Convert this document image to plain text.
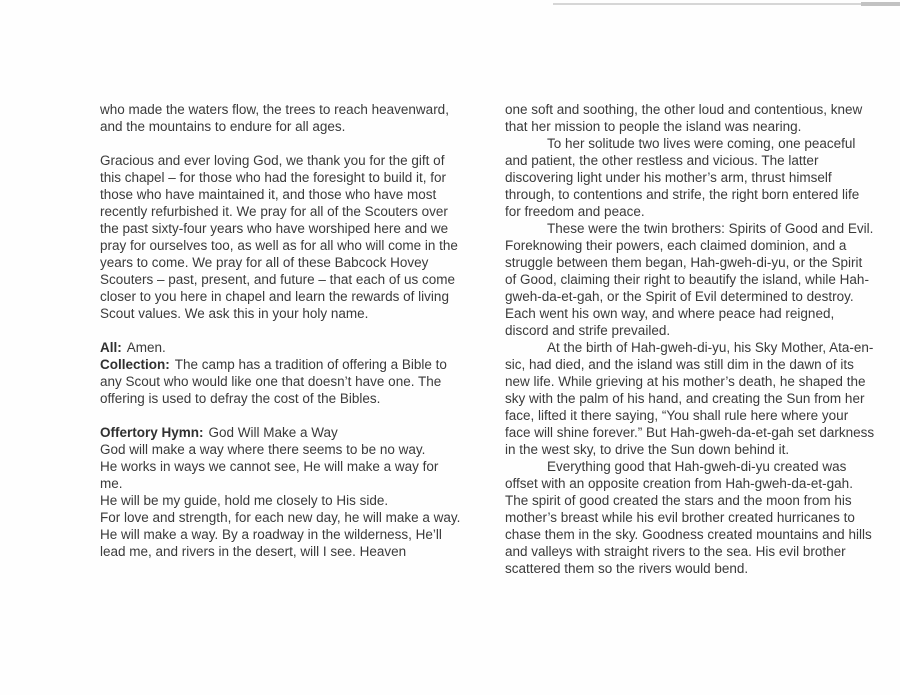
who made the waters flow, the trees to reach heavenward, and the mountains to endure for all ages.

Gracious and ever loving God, we thank you for the gift of this chapel – for those who had the foresight to build it, for those who have maintained it, and those who have most recently refurbished it. We pray for all of the Scouters over the past sixty-four years who have worshiped here and we pray for ourselves too, as well as for all who will come in the years to come. We pray for all of these Babcock Hovey Scouters – past, present, and future – that each of us come closer to you here in chapel and learn the rewards of living Scout values. We ask this in your holy name.

All: Amen.

Collection: The camp has a tradition of offering a Bible to any Scout who would like one that doesn’t have one. The offering is used to defray the cost of the Bibles.

Offertory Hymn: God Will Make a Way

God will make a way where there seems to be no way.

He works in ways we cannot see, He will make a way for me.

He will be my guide, hold me closely to His side.

For love and strength, for each new day, he will make a way. He will make a way. By a roadway in the wilderness, He’ll lead me, and rivers in the desert, will I see. Heaven

one soft and soothing, the other loud and contentious, knew that her mission to people the island was nearing.

To her solitude two lives were coming, one peaceful and patient, the other restless and vicious. The latter discovering light under his mother’s arm, thrust himself through, to contentions and strife, the right born entered life for freedom and peace.

These were the twin brothers: Spirits of Good and Evil. Foreknowing their powers, each claimed dominion, and a struggle between them began, Hah-gweh-di-yu, or the Spirit of Good, claiming their right to beautify the island, while Hah-gweh-da-et-gah, or the Spirit of Evil determined to destroy. Each went his own way, and where peace had reigned, discord and strife prevailed.

At the birth of Hah-gweh-di-yu, his Sky Mother, Ata-en-sic, had died, and the island was still dim in the dawn of its new life. While grieving at his mother’s death, he shaped the sky with the palm of his hand, and creating the Sun from her face, lifted it there saying, “You shall rule here where your face will shine forever.” But Hah-gweh-da-et-gah set darkness in the west sky, to drive the Sun down behind it.

Everything good that Hah-gweh-di-yu created was offset with an opposite creation from Hah-gweh-da-et-gah. The spirit of good created the stars and the moon from his mother’s breast while his evil brother created hurricanes to chase them in the sky. Goodness created mountains and hills and valleys with straight rivers to the sea. His evil brother scattered them so the rivers would bend.
